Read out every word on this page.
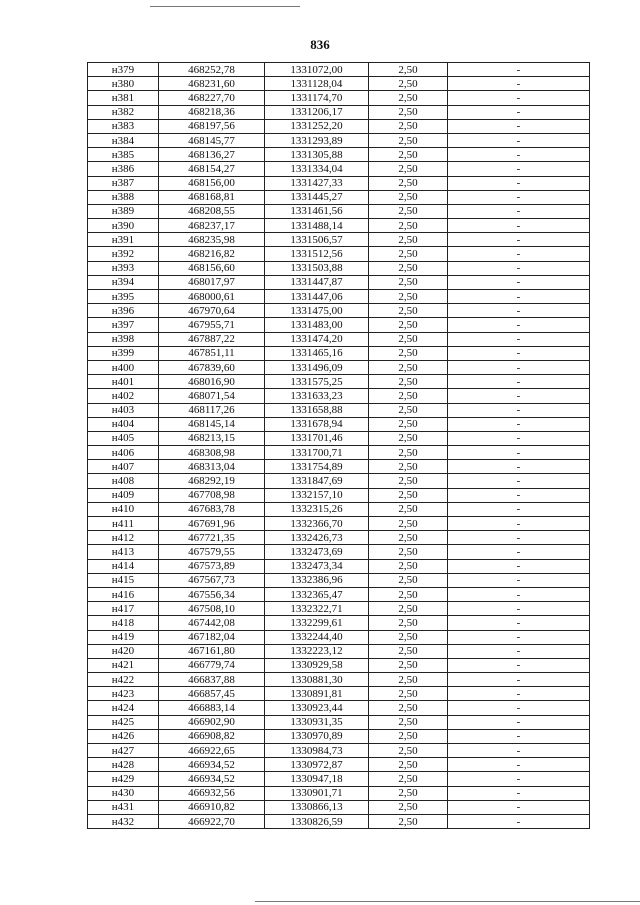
836
н379	468252,78	1331072,00	2,50	-
н380	468231,60	1331128,04	2,50	-
н381	468227,70	1331174,70	2,50	-
н382	468218,36	1331206,17	2,50	-
н383	468197,56	1331252,20	2,50	-
н384	468145,77	1331293,89	2,50	-
н385	468136,27	1331305,88	2,50	-
н386	468154,27	1331334,04	2,50	-
н387	468156,00	1331427,33	2,50	-
н388	468168,81	1331445,27	2,50	-
н389	468208,55	1331461,56	2,50	-
н390	468237,17	1331488,14	2,50	-
н391	468235,98	1331506,57	2,50	-
н392	468216,82	1331512,56	2,50	-
н393	468156,60	1331503,88	2,50	-
н394	468017,97	1331447,87	2,50	-
н395	468000,61	1331447,06	2,50	-
н396	467970,64	1331475,00	2,50	-
н397	467955,71	1331483,00	2,50	-
н398	467887,22	1331474,20	2,50	-
н399	467851,11	1331465,16	2,50	-
н400	467839,60	1331496,09	2,50	-
н401	468016,90	1331575,25	2,50	-
н402	468071,54	1331633,23	2,50	-
н403	468117,26	1331658,88	2,50	-
н404	468145,14	1331678,94	2,50	-
н405	468213,15	1331701,46	2,50	-
н406	468308,98	1331700,71	2,50	-
н407	468313,04	1331754,89	2,50	-
н408	468292,19	1331847,69	2,50	-
н409	467708,98	1332157,10	2,50	-
н410	467683,78	1332315,26	2,50	-
н411	467691,96	1332366,70	2,50	-
н412	467721,35	1332426,73	2,50	-
н413	467579,55	1332473,69	2,50	-
н414	467573,89	1332473,34	2,50	-
н415	467567,73	1332386,96	2,50	-
н416	467556,34	1332365,47	2,50	-
н417	467508,10	1332322,71	2,50	-
н418	467442,08	1332299,61	2,50	-
н419	467182,04	1332244,40	2,50	-
н420	467161,80	1332223,12	2,50	-
н421	466779,74	1330929,58	2,50	-
н422	466837,88	1330881,30	2,50	-
н423	466857,45	1330891,81	2,50	-
н424	466883,14	1330923,44	2,50	-
н425	466902,90	1330931,35	2,50	-
н426	466908,82	1330970,89	2,50	-
н427	466922,65	1330984,73	2,50	-
н428	466934,52	1330972,87	2,50	-
н429	466934,52	1330947,18	2,50	-
н430	466932,56	1330901,71	2,50	-
н431	466910,82	1330866,13	2,50	-
н432	466922,70	1330826,59	2,50	-
